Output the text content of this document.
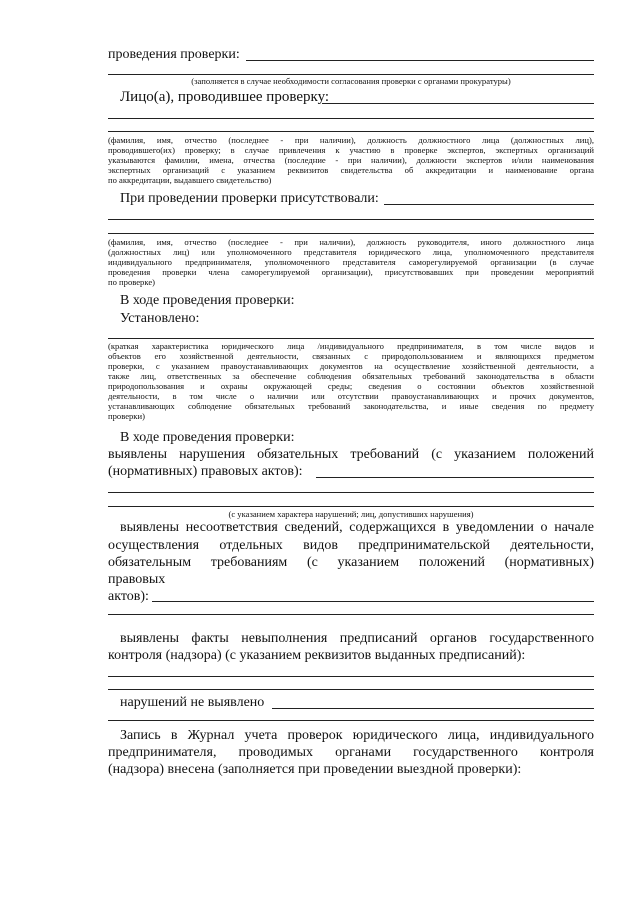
проведения проверки:
(заполняется в случае необходимости согласования проверки с органами прокуратуры)
Лицо(а), проводившее проверку:
(фамилия, имя, отчество (последнее - при наличии), должность должностного лица (должностных лиц),
проводившего(их) проверку; в случае привлечения к участию в проверке экспертов, экспертных организаций
указываются фамилии, имена, отчества (последние - при наличии), должности экспертов и/или наименования
экспертных организаций с указанием реквизитов свидетельства об аккредитации и наименование органа
по аккредитации, выдавшего свидетельство)
При проведении проверки присутствовали:
(фамилия, имя, отчество (последнее - при наличии), должность руководителя, иного должностного лица
(должностных лиц) или уполномоченного представителя юридического лица, уполномоченного представителя
индивидуального предпринимателя, уполномоченного представителя саморегулируемой организации (в случае
проведения проверки члена саморегулируемой организации), присутствовавших при проведении мероприятий
по проверке)
В ходе проведения проверки:
Установлено:
(краткая характеристика юридического лица /индивидуального предпринимателя, в том числе видов и
объектов его хозяйственной деятельности, связанных с природопользованием и являющихся предметом
проверки, с указанием правоустанавливающих документов на осуществление хозяйственной деятельности, а
также лиц, ответственных за обеспечение соблюдения обязательных требований законодательства в области
природопользования и охраны окружающей среды; сведения о состоянии объектов хозяйственной
деятельности, в том числе о наличии или отсутствии правоустанавливающих и прочих документов,
устанавливающих соблюдение обязательных требований законодательства, и иные сведения по предмету
проверки)
В ходе проведения проверки:
выявлены нарушения обязательных требований (с указанием положений
(нормативных) правовых актов):
(с указанием характера нарушений; лиц, допустивших нарушения)
выявлены несоответствия сведений, содержащихся в уведомлении о начале
осуществления отдельных видов предпринимательской деятельности,
обязательным требованиям (с указанием положений (нормативных)
правовых
актов):
выявлены факты невыполнения предписаний органов государственного
контроля (надзора) (с указанием реквизитов выданных предписаний):
нарушений не выявлено
Запись в Журнал учета проверок юридического лица, индивидуального
предпринимателя, проводимых органами государственного контроля
(надзора) внесена (заполняется при проведении выездной проверки):
